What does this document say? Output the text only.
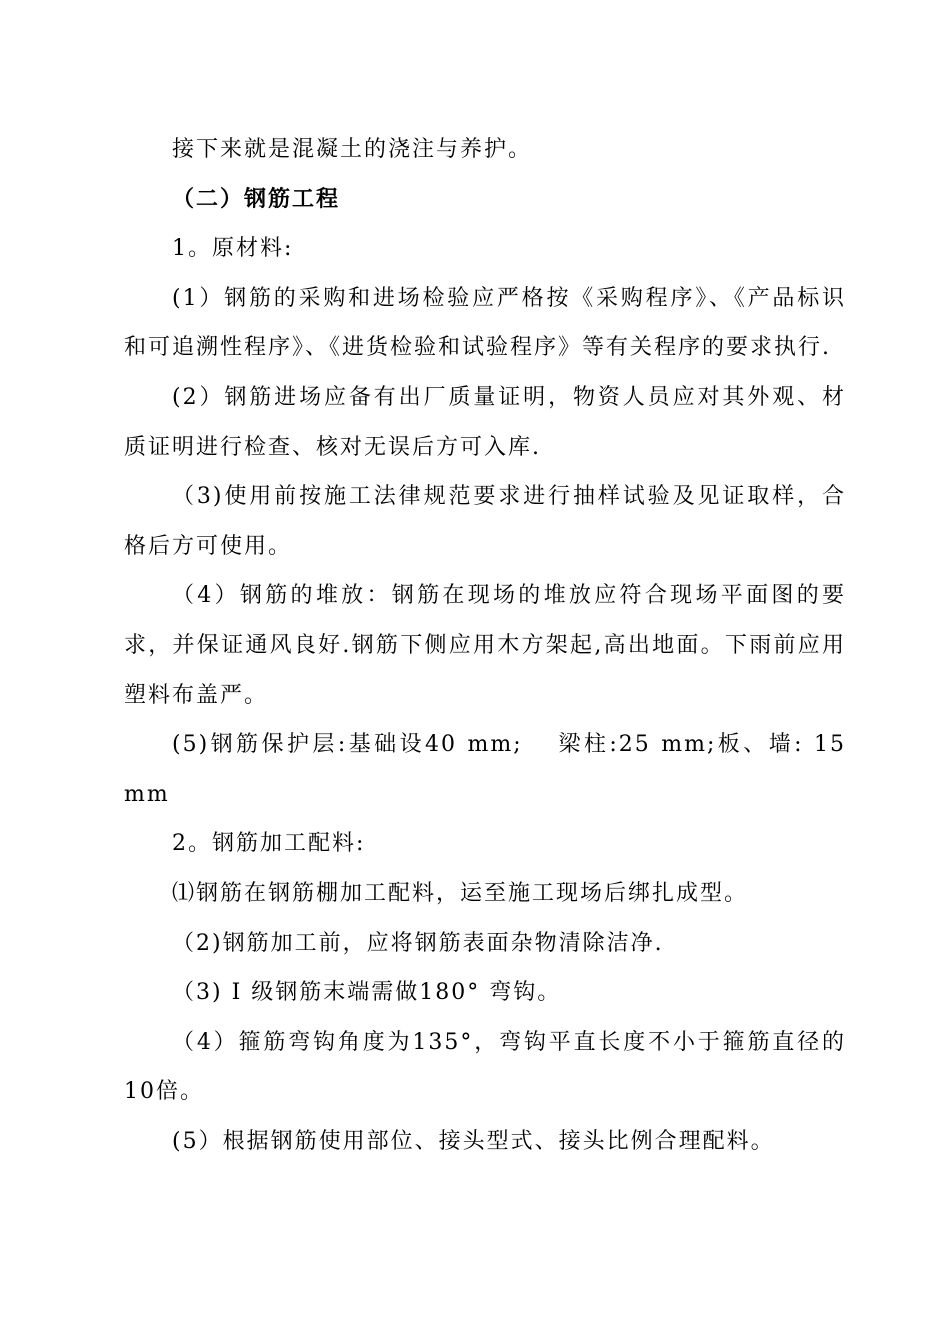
接下来就是混凝土的浇注与养护。

（二）钢筋工程

1。原材料:

(1）钢筋的采购和进场检验应严格按《采购程序》、《产品标识和可追溯性程序》、《进货检验和试验程序》等有关程序的要求执行.

(2）钢筋进场应备有出厂质量证明，物资人员应对其外观、材质证明进行检查、核对无误后方可入库.

（3)使用前按施工法律规范要求进行抽样试验及见证取样，合格后方可使用。

（4）钢筋的堆放：钢筋在现场的堆放应符合现场平面图的要求，并保证通风良好.钢筋下侧应用木方架起,高出地面。下雨前应用塑料布盖严。

(5)钢筋保护层:基础设40 mm; 　梁柱:25 mm;板、墙: 15 mm

2。钢筋加工配料:

⑴钢筋在钢筋棚加工配料，运至施工现场后绑扎成型。

（2)钢筋加工前，应将钢筋表面杂物清除洁净.

（3) Ⅰ 级钢筋末端需做180° 弯钩。

（4）箍筋弯钩角度为135°，弯钩平直长度不小于箍筋直径的10倍。

(5）根据钢筋使用部位、接头型式、接头比例合理配料。
